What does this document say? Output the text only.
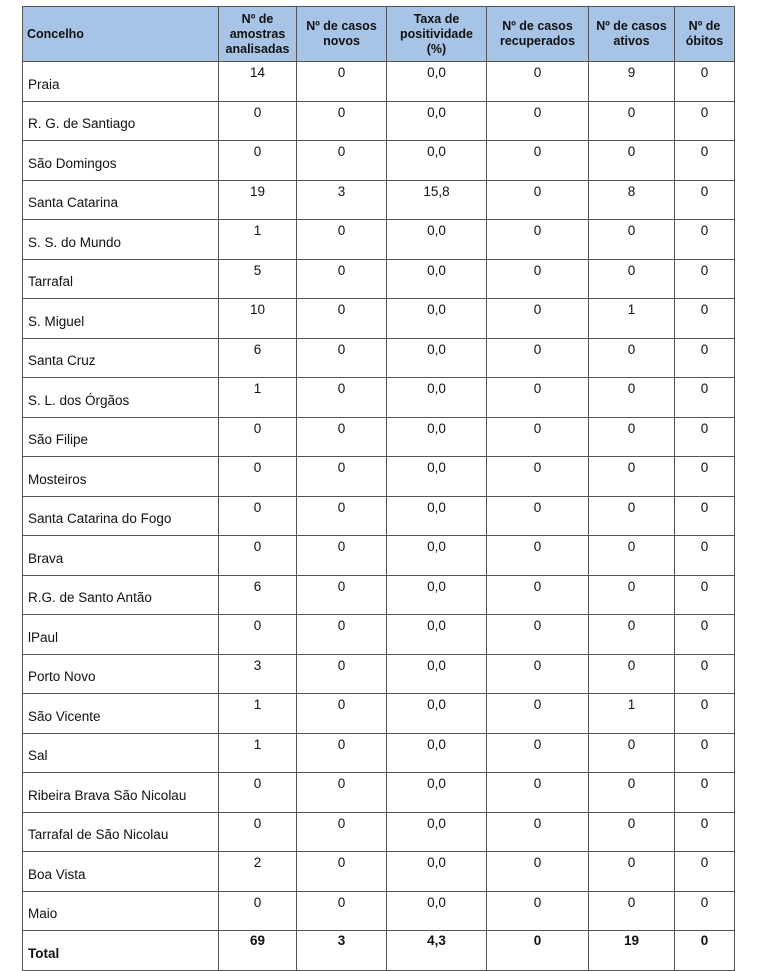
Concelho	Nº de amostras analisadas	Nº de casos novos	Taxa de positividade (%)	Nº de casos recuperados	Nº de casos ativos	Nº de óbitos
Praia	14	0	0,0	0	9	0
R. G. de Santiago	0	0	0,0	0	0	0
São Domingos	0	0	0,0	0	0	0
Santa Catarina	19	3	15,8	0	8	0
S. S. do Mundo	1	0	0,0	0	0	0
Tarrafal	5	0	0,0	0	0	0
S. Miguel	10	0	0,0	0	1	0
Santa Cruz	6	0	0,0	0	0	0
S. L. dos Órgãos	1	0	0,0	0	0	0
São Filipe	0	0	0,0	0	0	0
Mosteiros	0	0	0,0	0	0	0
Santa Catarina do Fogo	0	0	0,0	0	0	0
Brava	0	0	0,0	0	0	0
R.G. de Santo Antão	6	0	0,0	0	0	0
lPaul	0	0	0,0	0	0	0
Porto Novo	3	0	0,0	0	0	0
São Vicente	1	0	0,0	0	1	0
Sal	1	0	0,0	0	0	0
Ribeira Brava São Nicolau	0	0	0,0	0	0	0
Tarrafal de São Nicolau	0	0	0,0	0	0	0
Boa Vista	2	0	0,0	0	0	0
Maio	0	0	0,0	0	0	0
Total	69	3	4,3	0	19	0
